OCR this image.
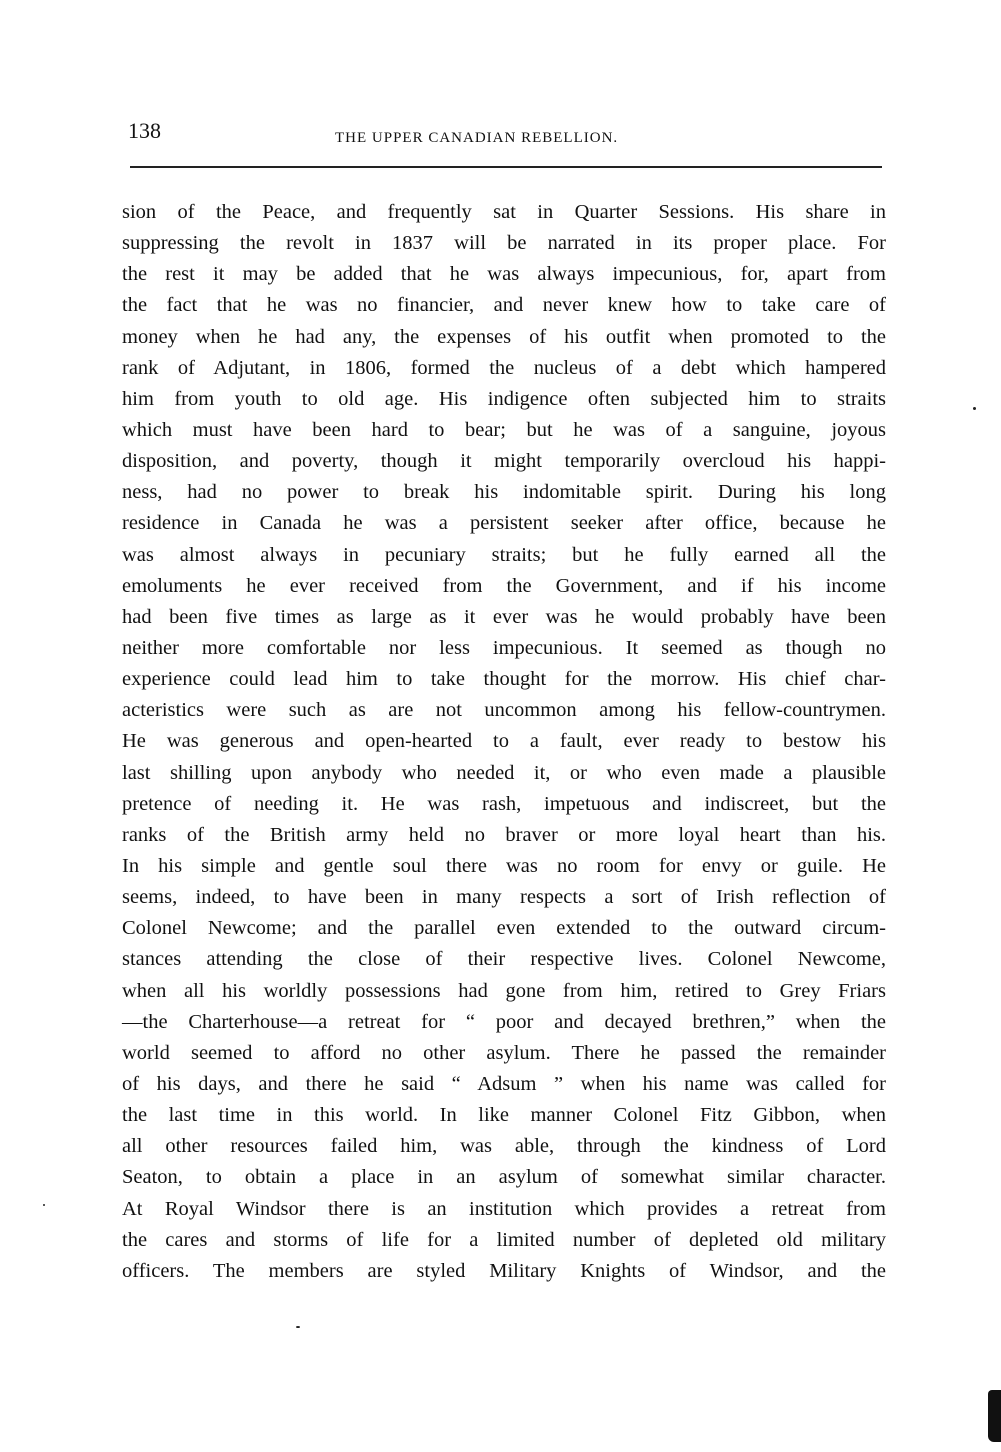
138	THE UPPER CANADIAN REBELLION.
sion of the Peace, and frequently sat in Quarter Sessions. His share in
suppressing the revolt in 1837 will be narrated in its proper place. For
the rest it may be added that he was always impecunious, for, apart from
the fact that he was no financier, and never knew how to take care of
money when he had any, the expenses of his outfit when promoted to the
rank of Adjutant, in 1806, formed the nucleus of a debt which hampered
him from youth to old age. His indigence often subjected him to straits
which must have been hard to bear; but he was of a sanguine, joyous
disposition, and poverty, though it might temporarily overcloud his happi-
ness, had no power to break his indomitable spirit. During his long
residence in Canada he was a persistent seeker after office, because he
was almost always in pecuniary straits; but he fully earned all the
emoluments he ever received from the Government, and if his income
had been five times as large as it ever was he would probably have been
neither more comfortable nor less impecunious. It seemed as though no
experience could lead him to take thought for the morrow. His chief char-
acteristics were such as are not uncommon among his fellow-countrymen.
He was generous and open-hearted to a fault, ever ready to bestow his
last shilling upon anybody who needed it, or who even made a plausible
pretence of needing it. He was rash, impetuous and indiscreet, but the
ranks of the British army held no braver or more loyal heart than his.
In his simple and gentle soul there was no room for envy or guile. He
seems, indeed, to have been in many respects a sort of Irish reflection of
Colonel Newcome; and the parallel even extended to the outward circum-
stances attending the close of their respective lives. Colonel Newcome,
when all his worldly possessions had gone from him, retired to Grey Friars
—the Charterhouse—a retreat for “ poor and decayed brethren,” when the
world seemed to afford no other asylum. There he passed the remainder
of his days, and there he said “ Adsum ” when his name was called for
the last time in this world. In like manner Colonel Fitz Gibbon, when
all other resources failed him, was able, through the kindness of Lord
Seaton, to obtain a place in an asylum of somewhat similar character.
At Royal Windsor there is an institution which provides a retreat from
the cares and storms of life for a limited number of depleted old military
officers. The members are styled Military Knights of Windsor, and the
